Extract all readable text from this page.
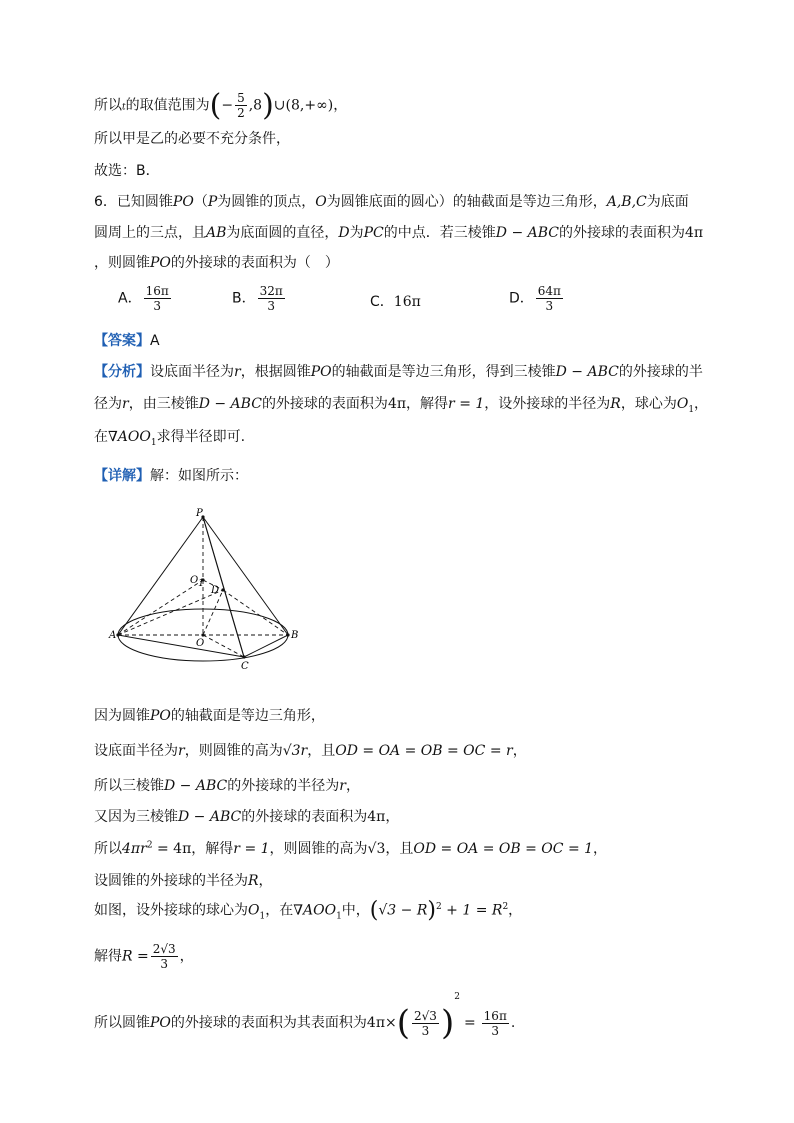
所以t的取值范围为(− $\frac{5}{2}$ ,8)∪(8,+∞)，
所以甲是乙的必要不充分条件，
故选：B．
6．已知圆锥PO（P为圆锥的顶点，O为圆锥底面的圆心）的轴截面是等边三角形，A,B,C为底面
圆周上的三点，且AB为底面圆的直径，D为PC的中点．若三棱锥D − ABC的外接球的表面积为4π
，则圆锥PO的外接球的表面积为（　）
A． $\frac{16\pi}{3}$	B． $\frac{32\pi}{3}$	C．16π	D． $\frac{64\pi}{3}$
【答案】A
【分析】设底面半径为r，根据圆锥PO的轴截面是等边三角形，得到三棱锥D − ABC的外接球的半
径为r，由三棱锥D − ABC的外接球的表面积为4π，解得r = 1，设外接球的半径为R，球心为$O_1$，
在$\nabla AOO_1$求得半径即可.
【详解】解：如图所示：
P
O 1
D
A
O
B
C
因为圆锥PO的轴截面是等边三角形，
设底面半径为r，则圆锥的高为√3r，且OD = OA = OB = OC = r，
所以三棱锥D − ABC的外接球的半径为r，
又因为三棱锥D − ABC的外接球的表面积为4π，
所以$4\pi r^2 = 4\pi$，解得r = 1，则圆锥的高为√3，且OD = OA = OB = OC = 1，
设圆锥的外接球的半径为R，
如图，设外接球的球心为$O_1$，在$\nabla AOO_1$中，$(√3 - R)^2 + 1 = R^2$，
解得$R = \frac{2√3}{3}$ ，
所以圆锥PO的外接球的表面积为其表面积为$4\pi\times( \frac{2√3}{3} )^2= \frac{16\pi}{3}$ .
